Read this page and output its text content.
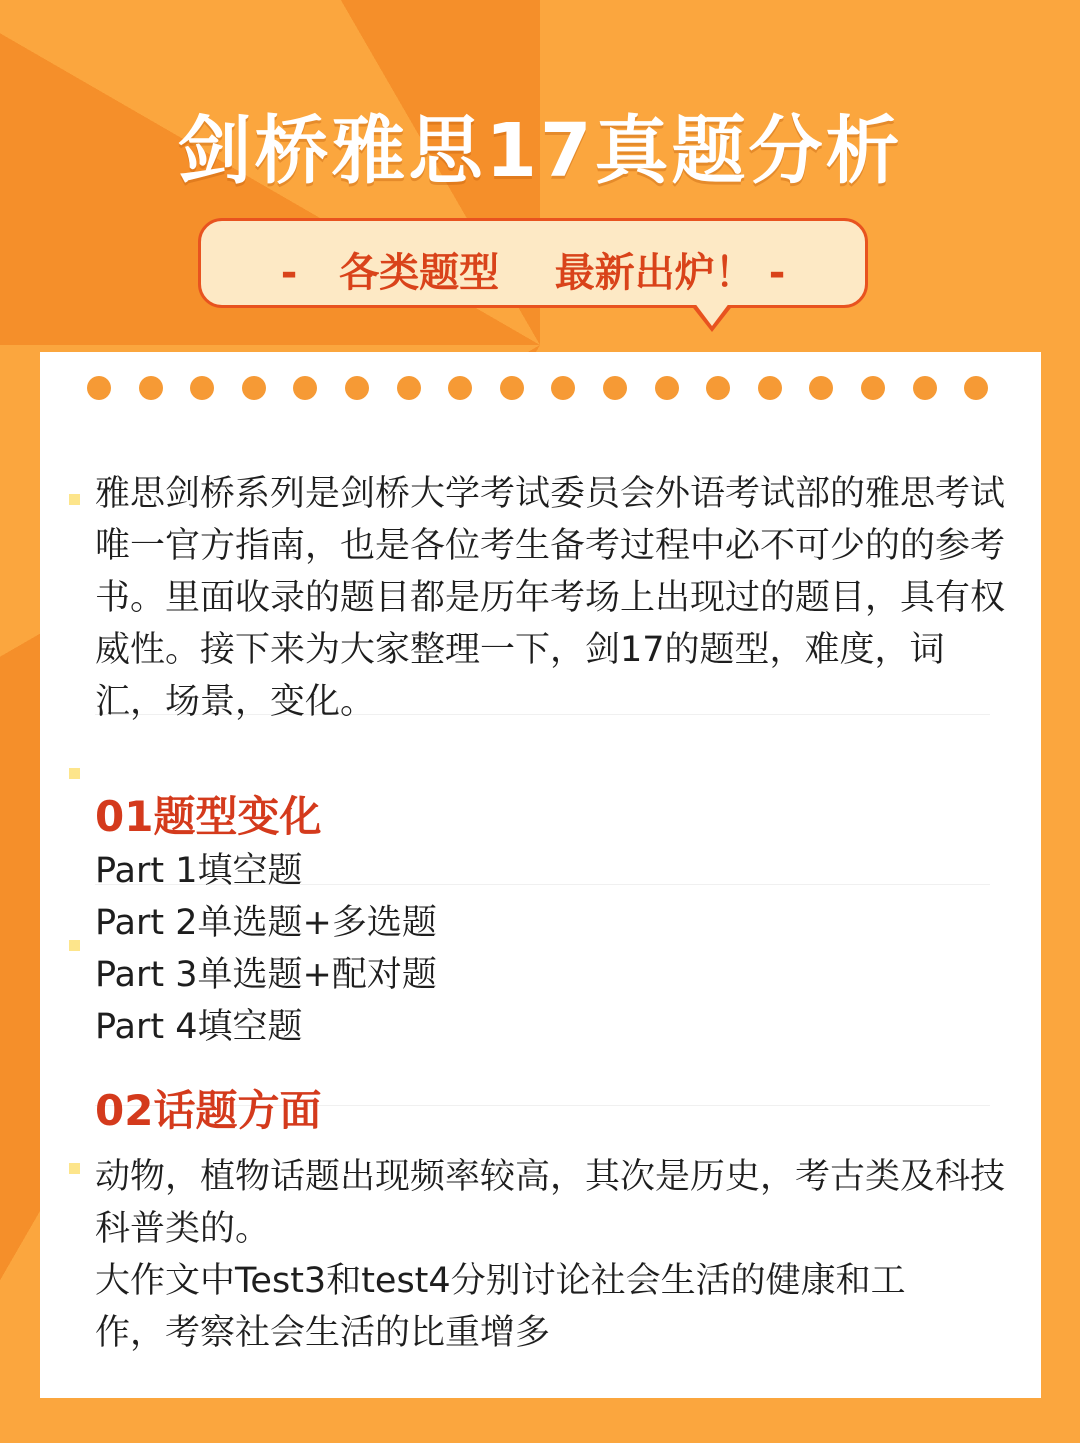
剑桥雅思17真题分析
-   各类题型    最新出炉！ -
雅思剑桥系列是剑桥大学考试委员会外语考试部的雅思考试唯一官方指南，也是各位考生备考过程中必不可少的的参考书。里面收录的题目都是历年考场上出现过的题目，具有权威性。接下来为大家整理一下，剑17的题型，难度，词汇，场景，变化。
01题型变化
Part 1填空题
Part 2单选题+多选题
Part 3单选题+配对题
Part 4填空题
02话题方面
动物，植物话题出现频率较高，其次是历史，考古类及科技科普类的。
大作文中Test3和test4分别讨论社会生活的健康和工作，考察社会生活的比重增多
